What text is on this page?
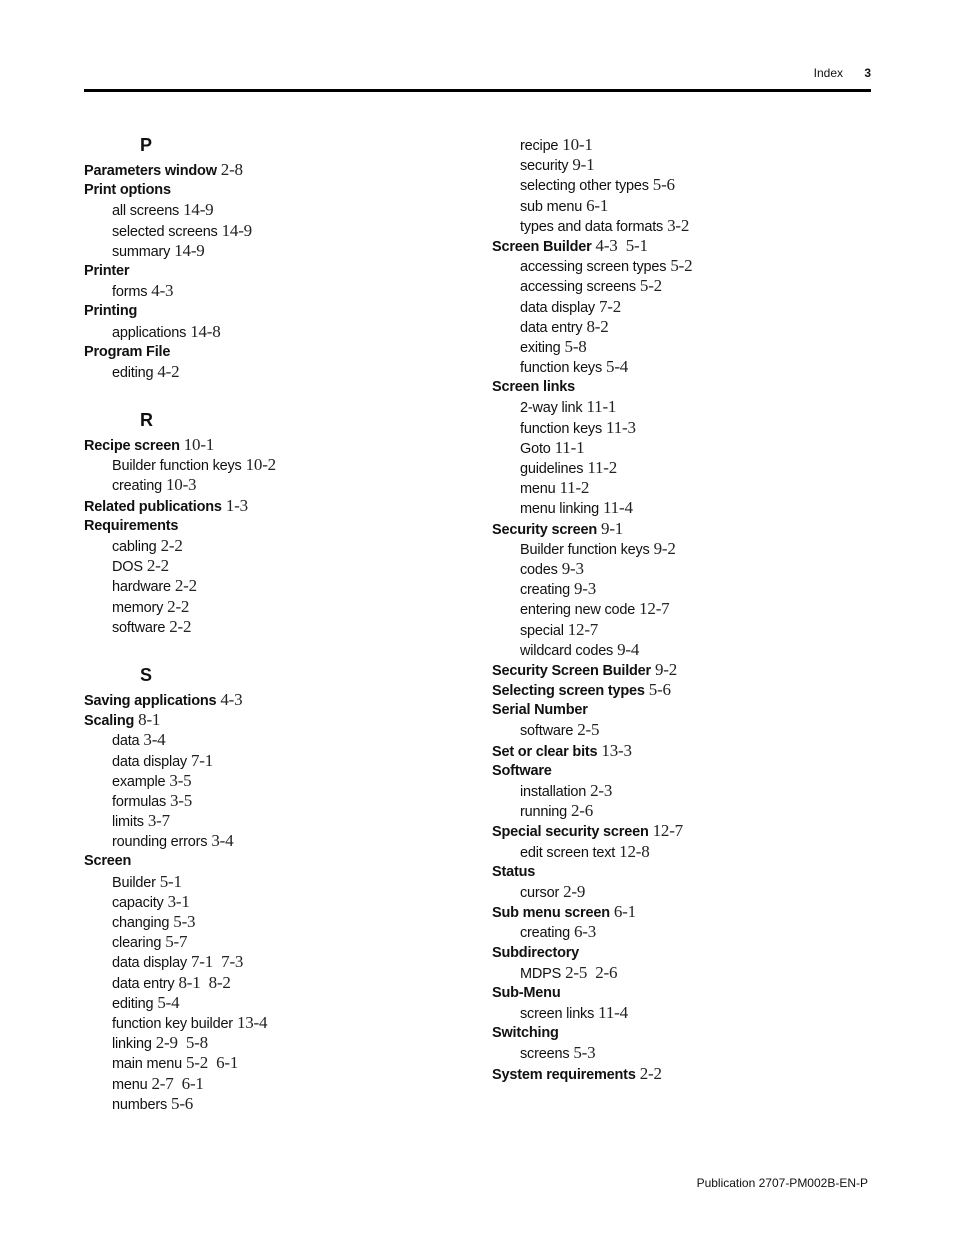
Index 3
P
Parameters window 2-8
Print options
all screens 14-9
selected screens 14-9
summary 14-9
Printer
forms 4-3
Printing
applications 14-8
Program File
editing 4-2
R
Recipe screen 10-1
Builder function keys 10-2
creating 10-3
Related publications 1-3
Requirements
cabling 2-2
DOS 2-2
hardware 2-2
memory 2-2
software 2-2
S
Saving applications 4-3
Scaling 8-1
data 3-4
data display 7-1
example 3-5
formulas 3-5
limits 3-7
rounding errors 3-4
Screen
Builder 5-1
capacity 3-1
changing 5-3
clearing 5-7
data display 7-1  7-3
data entry 8-1  8-2
editing 5-4
function key builder 13-4
linking 2-9  5-8
main menu 5-2  6-1
menu 2-7  6-1
numbers 5-6
recipe 10-1
security 9-1
selecting other types 5-6
sub menu 6-1
types and data formats 3-2
Screen Builder 4-3  5-1
accessing screen types 5-2
accessing screens 5-2
data display 7-2
data entry 8-2
exiting 5-8
function keys 5-4
Screen links
2-way link 11-1
function keys 11-3
Goto 11-1
guidelines 11-2
menu 11-2
menu linking 11-4
Security screen 9-1
Builder function keys 9-2
codes 9-3
creating 9-3
entering new code 12-7
special 12-7
wildcard codes 9-4
Security Screen Builder 9-2
Selecting screen types 5-6
Serial Number
software 2-5
Set or clear bits 13-3
Software
installation 2-3
running 2-6
Special security screen 12-7
edit screen text 12-8
Status
cursor 2-9
Sub menu screen 6-1
creating 6-3
Subdirectory
MDPS 2-5  2-6
Sub-Menu
screen links 11-4
Switching
screens 5-3
System requirements 2-2
Publication 2707-PM002B-EN-P
